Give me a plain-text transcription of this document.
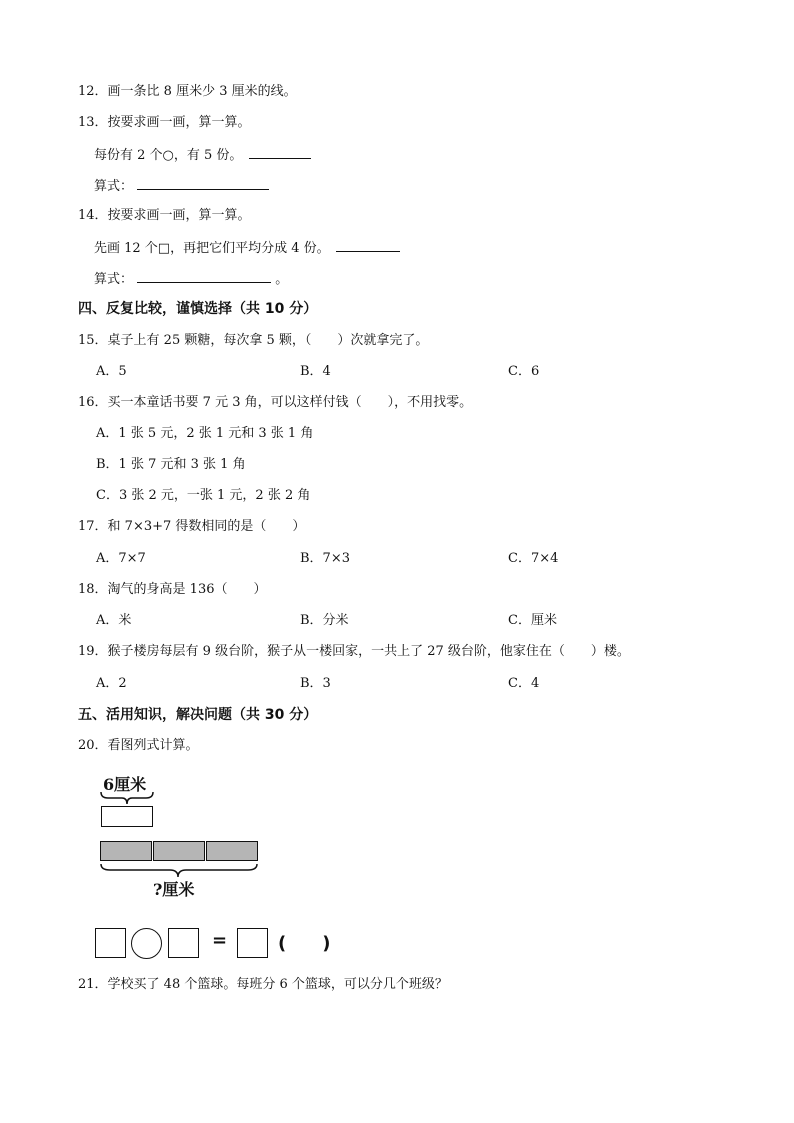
12．画一条比 8 厘米少 3 厘米的线。
13．按要求画一画，算一算。
每份有 2 个○，有 5 份。
算式：
14．按要求画一画，算一算。
先画 12 个□，再把它们平均分成 4 份。
算式：	。
四、反复比较，谨慎选择（共 10 分）
15．桌子上有 25 颗糖，每次拿 5 颗，（　　）次就拿完了。
A．5	B．4	C．6
16．买一本童话书要 7 元 3 角，可以这样付钱（　　），不用找零。
A．1 张 5 元，2 张 1 元和 3 张 1 角
B．1 张 7 元和 3 张 1 角
C．3 张 2 元，一张 1 元，2 张 2 角
17．和 7×3+7 得数相同的是（　　）
A．7×7	B．7×3	C．7×4
18．淘气的身高是 136（　　）
A．米	B．分米	C．厘米
19．猴子楼房每层有 9 级台阶，猴子从一楼回家，一共上了 27 级台阶，他家住在（　　）楼。
A．2	B．3	C．4
五、活用知识，解决问题（共 30 分）
20．看图列式计算。
6厘米
?厘米
=	(　　)
21．学校买了 48 个篮球。每班分 6 个篮球，可以分几个班级？
